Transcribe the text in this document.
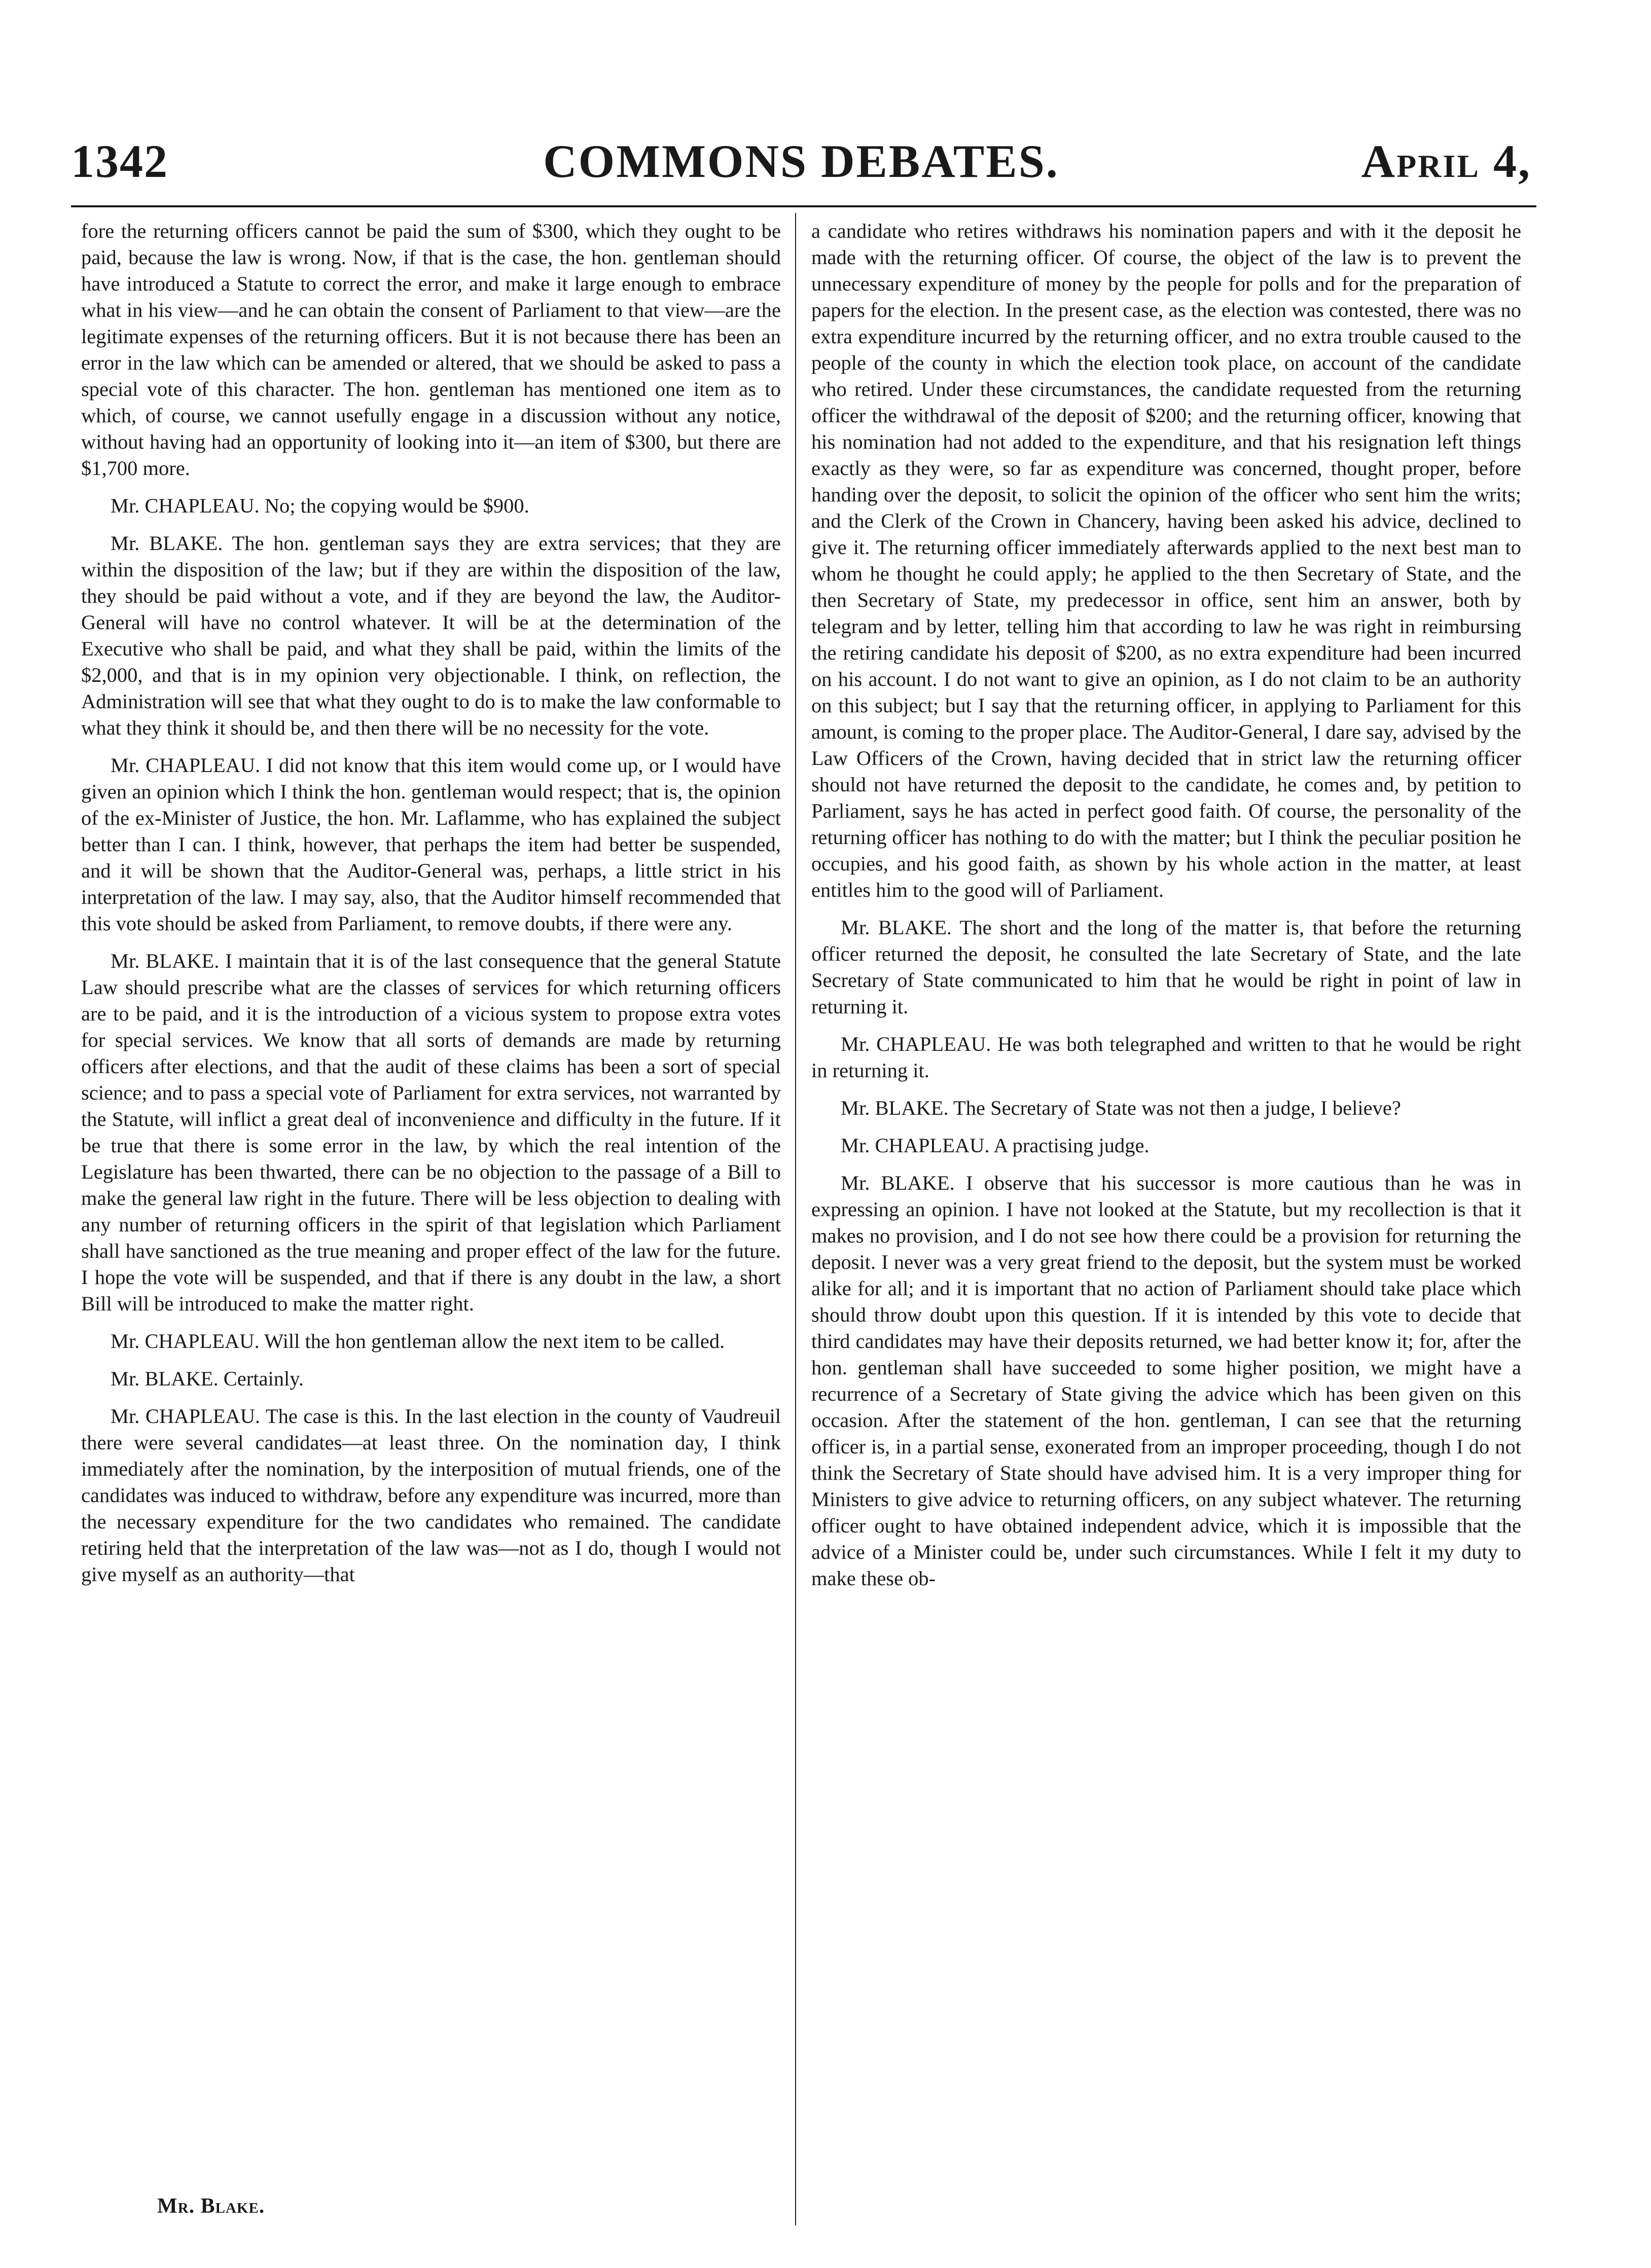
1342	COMMONS DEBATES.	April 4,

fore the returning officers cannot be paid the sum of $300, which they ought to be paid, because the law is wrong. Now, if that is the case, the hon. gentleman should have introduced a Statute to correct the error, and make it large enough to embrace what in his view—and he can obtain the consent of Parliament to that view—are the legitimate expenses of the returning officers. But it is not because there has been an error in the law which can be amended or altered, that we should be asked to pass a special vote of this character. The hon. gentleman has mentioned one item as to which, of course, we cannot usefully engage in a discussion without any notice, without having had an opportunity of looking into it—an item of $300, but there are $1,700 more.

Mr. CHAPLEAU. No; the copying would be $900.

Mr. BLAKE. The hon. gentleman says they are extra services; that they are within the disposition of the law; but if they are within the disposition of the law, they should be paid without a vote, and if they are beyond the law, the Auditor-General will have no control whatever. It will be at the determination of the Executive who shall be paid, and what they shall be paid, within the limits of the $2,000, and that is in my opinion very objectionable. I think, on reflection, the Administration will see that what they ought to do is to make the law conformable to what they think it should be, and then there will be no necessity for the vote.

Mr. CHAPLEAU. I did not know that this item would come up, or I would have given an opinion which I think the hon. gentleman would respect; that is, the opinion of the ex-Minister of Justice, the hon. Mr. Laflamme, who has explained the subject better than I can. I think, however, that perhaps the item had better be suspended, and it will be shown that the Auditor-General was, perhaps, a little strict in his interpretation of the law. I may say, also, that the Auditor himself recommended that this vote should be asked from Parliament, to remove doubts, if there were any.

Mr. BLAKE. I maintain that it is of the last consequence that the general Statute Law should prescribe what are the classes of services for which returning officers are to be paid, and it is the introduction of a vicious system to propose extra votes for special services. We know that all sorts of demands are made by returning officers after elections, and that the audit of these claims has been a sort of special science; and to pass a special vote of Parliament for extra services, not warranted by the Statute, will inflict a great deal of inconvenience and difficulty in the future. If it be true that there is some error in the law, by which the real intention of the Legislature has been thwarted, there can be no objection to the passage of a Bill to make the general law right in the future. There will be less objection to dealing with any number of returning officers in the spirit of that legislation which Parliament shall have sanctioned as the true meaning and proper effect of the law for the future. I hope the vote will be suspended, and that if there is any doubt in the law, a short Bill will be introduced to make the matter right.

Mr. CHAPLEAU. Will the hon gentleman allow the next item to be called.

Mr. BLAKE. Certainly.

Mr. CHAPLEAU. The case is this. In the last election in the county of Vaudreuil there were several candidates—at least three. On the nomination day, I think immediately after the nomination, by the interposition of mutual friends, one of the candidates was induced to withdraw, before any expenditure was incurred, more than the necessary expenditure for the two candidates who remained. The candidate retiring held that the interpretation of the law was—not as I do, though I would not give myself as an authority—that

a candidate who retires withdraws his nomination papers and with it the deposit he made with the returning officer. Of course, the object of the law is to prevent the unnecessary expenditure of money by the people for polls and for the preparation of papers for the election. In the present case, as the election was contested, there was no extra expenditure incurred by the returning officer, and no extra trouble caused to the people of the county in which the election took place, on account of the candidate who retired. Under these circumstances, the candidate requested from the returning officer the withdrawal of the deposit of $200; and the returning officer, knowing that his nomination had not added to the expenditure, and that his resignation left things exactly as they were, so far as expenditure was concerned, thought proper, before handing over the deposit, to solicit the opinion of the officer who sent him the writs; and the Clerk of the Crown in Chancery, having been asked his advice, declined to give it. The returning officer immediately afterwards applied to the next best man to whom he thought he could apply; he applied to the then Secretary of State, and the then Secretary of State, my predecessor in office, sent him an answer, both by telegram and by letter, telling him that according to law he was right in reimbursing the retiring candidate his deposit of $200, as no extra expenditure had been incurred on his account. I do not want to give an opinion, as I do not claim to be an authority on this subject; but I say that the returning officer, in applying to Parliament for this amount, is coming to the proper place. The Auditor-General, I dare say, advised by the Law Officers of the Crown, having decided that in strict law the returning officer should not have returned the deposit to the candidate, he comes and, by petition to Parliament, says he has acted in perfect good faith. Of course, the personality of the returning officer has nothing to do with the matter; but I think the peculiar position he occupies, and his good faith, as shown by his whole action in the matter, at least entitles him to the good will of Parliament.

Mr. BLAKE. The short and the long of the matter is, that before the returning officer returned the deposit, he consulted the late Secretary of State, and the late Secretary of State communicated to him that he would be right in point of law in returning it.

Mr. CHAPLEAU. He was both telegraphed and written to that he would be right in returning it.

Mr. BLAKE. The Secretary of State was not then a judge, I believe?

Mr. CHAPLEAU. A practising judge.

Mr. BLAKE. I observe that his successor is more cautious than he was in expressing an opinion. I have not looked at the Statute, but my recollection is that it makes no provision, and I do not see how there could be a provision for returning the deposit. I never was a very great friend to the deposit, but the system must be worked alike for all; and it is important that no action of Parliament should take place which should throw doubt upon this question. If it is intended by this vote to decide that third candidates may have their deposits returned, we had better know it; for, after the hon. gentleman shall have succeeded to some higher position, we might have a recurrence of a Secretary of State giving the advice which has been given on this occasion. After the statement of the hon. gentleman, I can see that the returning officer is, in a partial sense, exonerated from an improper proceeding, though I do not think the Secretary of State should have advised him. It is a very improper thing for Ministers to give advice to returning officers, on any subject whatever. The returning officer ought to have obtained independent advice, which it is impossible that the advice of a Minister could be, under such circumstances. While I felt it my duty to make these ob-

Mr. Blake.
